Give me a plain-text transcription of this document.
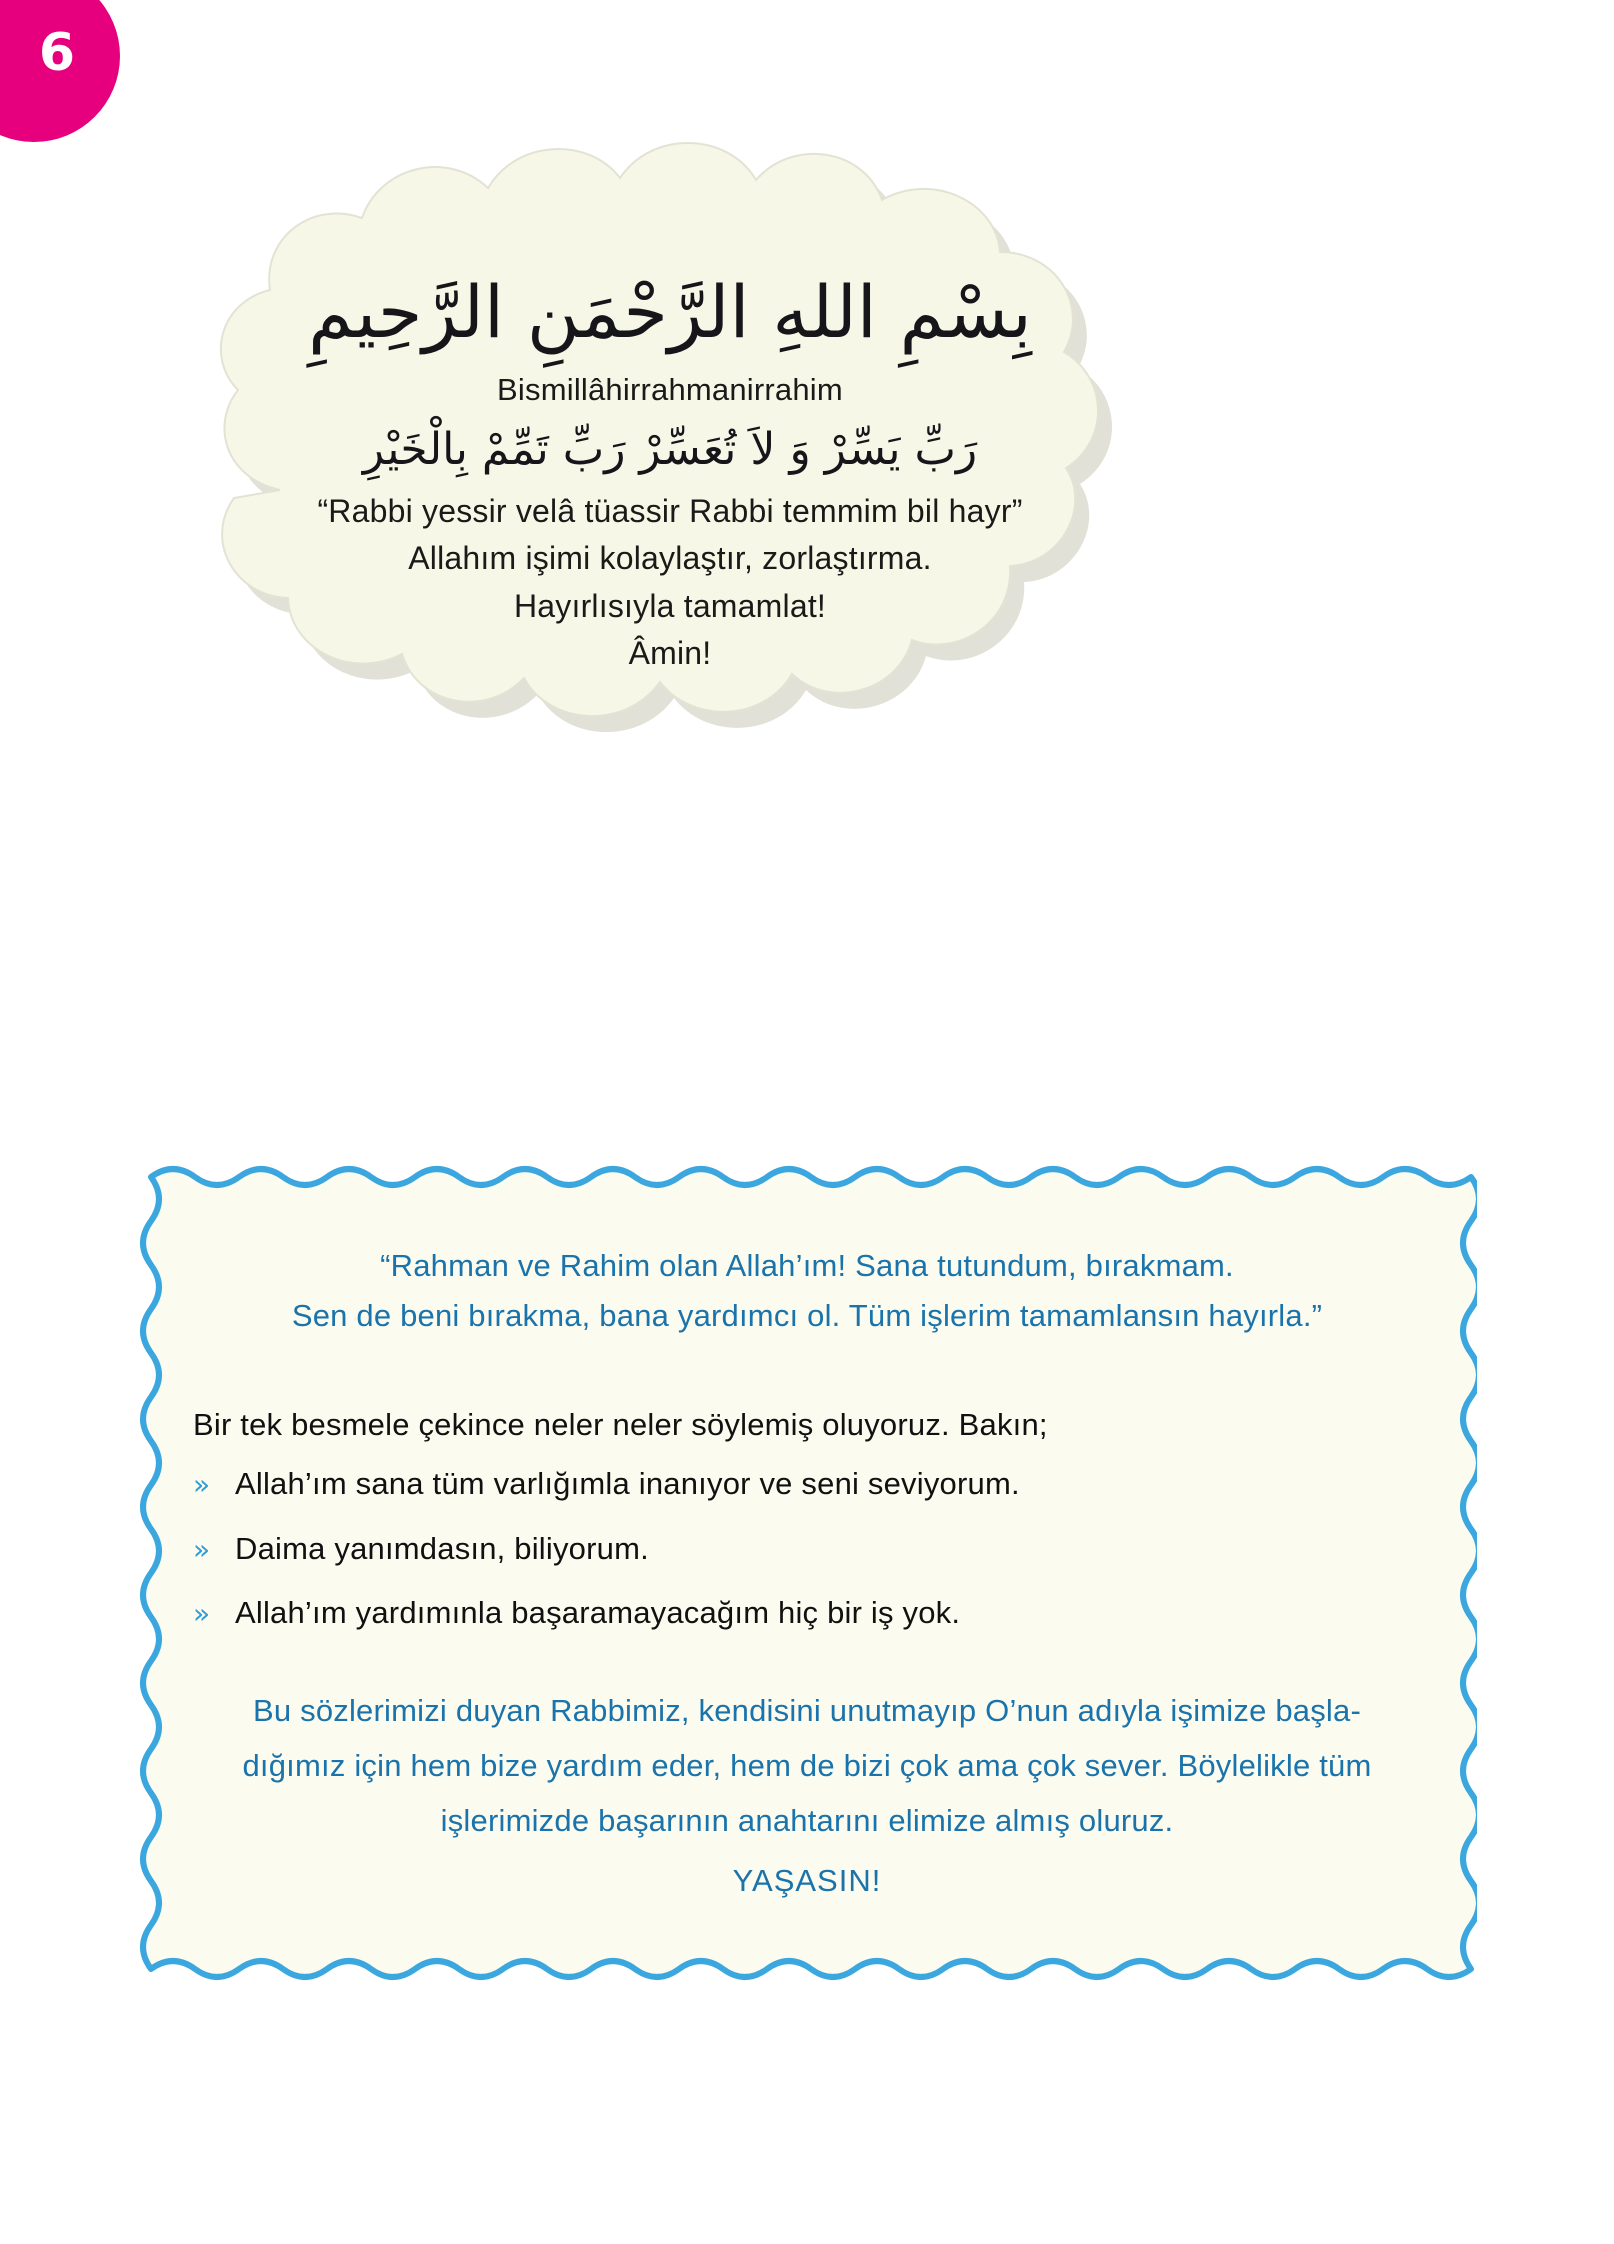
6
بِسْمِ اللهِ الرَّحْمَنِ الرَّحِيمِ
Bismillâhirrahmanirrahim
رَبِّ يَسِّرْ وَ لاَ تُعَسِّرْ رَبِّ تَمِّمْ بِالْخَيْرِ
“Rabbi yessir velâ tüassir Rabbi temmim bil hayr”
Allahım işimi kolaylaştır, zorlaştırma.
Hayırlısıyla tamamlat!
Âmin!
“Rahman ve Rahim olan Allah’ım! Sana tutundum, bırakmam.
Sen de beni bırakma, bana yardımcı ol. Tüm işlerim tamamlansın hayırla.”
Bir tek besmele çekince neler neler söylemiş oluyoruz. Bakın;
» Allah’ım sana tüm varlığımla inanıyor ve seni seviyorum.
» Daima yanımdasın, biliyorum.
» Allah’ım yardımınla başaramayacağım hiç bir iş yok.
Bu sözlerimizi duyan Rabbimiz, kendisini unutmayıp O’nun adıyla işimize başla-
dığımız için hem bize yardım eder, hem de bizi çok ama çok sever. Böylelikle tüm
işlerimizde başarının anahtarını elimize almış oluruz.
YAŞASIN!
